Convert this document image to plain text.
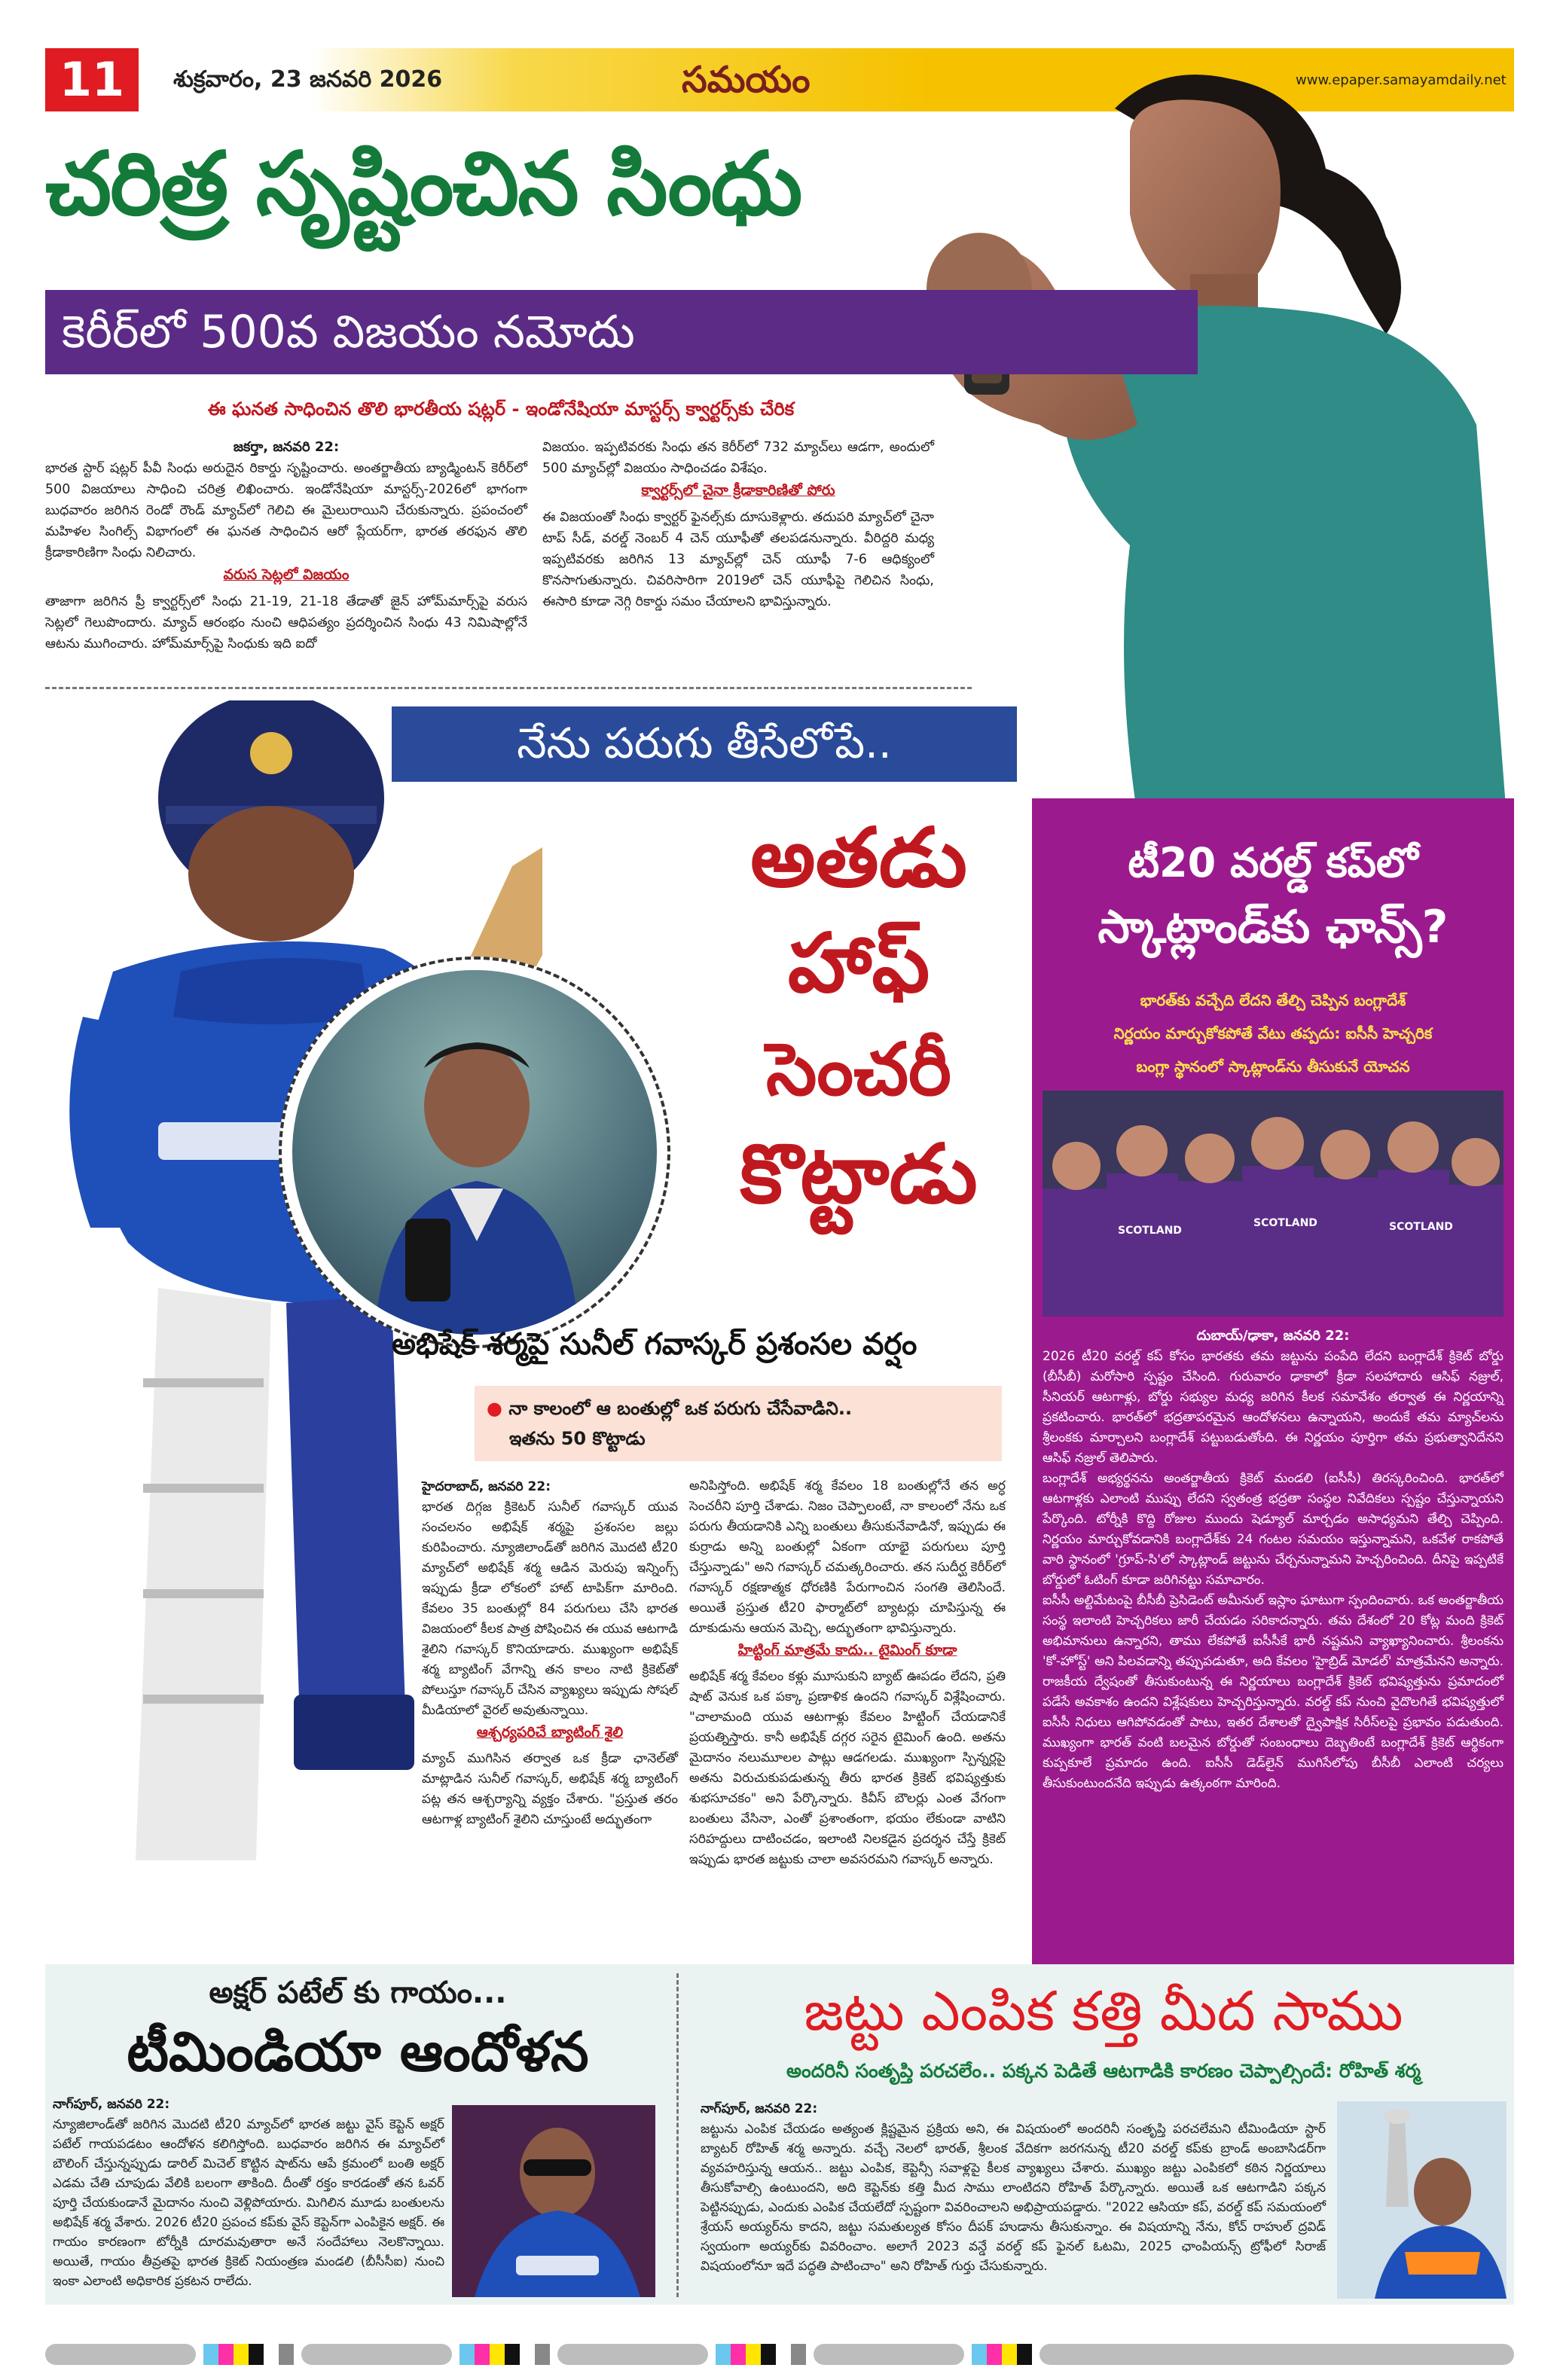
11	శుక్రవారం, 23 జనవరి 2026	సమయం	www.epaper.samayamdaily.net
చరిత్ర సృష్టించిన సింధు
కెరీర్‌లో 500వ విజయం నమోదు
ఈ ఘనత సాధించిన తొలి భారతీయ షట్లర్ - ఇండోనేషియా మాస్టర్స్ క్వార్టర్స్‌కు చేరిక
జకర్తా, జనవరి 22:
భారత స్టార్ షట్లర్ పీవీ సింధు అరుదైన రికార్డు సృష్టించారు. అంతర్జాతీయ బ్యాడ్మింటన్ కెరీర్‌లో 500 విజయాలు సాధించి చరిత్ర లిఖించారు. ఇండోనేషియా మాస్టర్స్-2026లో భాగంగా బుధవారం జరిగిన రెండో రౌండ్ మ్యాచ్‌లో గెలిచి ఈ మైలురాయిని చేరుకున్నారు. ప్రపంచంలో మహిళల సింగిల్స్ విభాగంలో ఈ ఘనత సాధించిన ఆరో ప్లేయర్‌గా, భారత తరఫున తొలి క్రీడాకారిణిగా సింధు నిలిచారు.
వరుస సెట్లలో విజయం
తాజాగా జరిగిన ప్రీ క్వార్టర్స్‌లో సింధు 21-19, 21-18 తేడాతో జైన్ హోమ్‌మార్స్‌పై వరుస సెట్లలో గెలుపొందారు. మ్యాచ్ ఆరంభం నుంచి ఆధిపత్యం ప్రదర్శించిన సింధు 43 నిమిషాల్లోనే ఆటను ముగించారు. హోమ్‌మార్స్‌పై సింధుకు ఇది ఐదో
విజయం. ఇప్పటివరకు సింధు తన కెరీర్‌లో 732 మ్యాచ్‌లు ఆడగా, అందులో 500 మ్యాచ్‌ల్లో విజయం సాధించడం విశేషం.
క్వార్టర్స్‌లో చైనా క్రీడాకారిణితో పోరు
ఈ విజయంతో సింధు క్వార్టర్ ఫైనల్స్‌కు దూసుకెళ్లారు. తదుపరి మ్యాచ్‌లో చైనా టాప్ సీడ్, వరల్డ్ నెంబర్ 4 చెన్ యూఫీతో తలపడనున్నారు. వీరిద్దరి మధ్య ఇప్పటివరకు జరిగిన 13 మ్యాచ్‌ల్లో చెన్ యూఫీ 7-6 ఆధిక్యంలో కొనసాగుతున్నారు. చివరిసారిగా 2019లో చెన్ యూఫీపై గెలిచిన సింధు, ఈసారి కూడా నెగ్గి రికార్డు సమం చేయాలని భావిస్తున్నారు.
నేను పరుగు తీసేలోపే..
అతడు
హాఫ్
సెంచరీ
కొట్టాడు
అభిషేక్ శర్మపై సునీల్ గవాస్కర్ ప్రశంసల వర్షం
● నా కాలంలో ఆ బంతుల్లో ఒక పరుగు చేసేవాడిని..
ఇతను 50 కొట్టాడు
హైదరాబాద్, జనవరి 22:
భారత దిగ్గజ క్రికెటర్ సునీల్ గవాస్కర్ యువ సంచలనం అభిషేక్ శర్మపై ప్రశంసల జల్లు కురిపించారు. న్యూజిలాండ్‌తో జరిగిన మొదటి టీ20 మ్యాచ్‌లో అభిషేక్ శర్మ ఆడిన మెరుపు ఇన్నింగ్స్ ఇప్పుడు క్రీడా లోకంలో హాట్ టాపిక్‌గా మారింది. కేవలం 35 బంతుల్లో 84 పరుగులు చేసి భారత విజయంలో కీలక పాత్ర పోషించిన ఈ యువ ఆటగాడి శైలిని గవాస్కర్ కొనియాడారు. ముఖ్యంగా అభిషేక్ శర్మ బ్యాటింగ్ వేగాన్ని తన కాలం నాటి క్రికెట్‌తో పోలుస్తూ గవాస్కర్ చేసిన వ్యాఖ్యలు ఇప్పుడు సోషల్ మీడియాలో వైరల్ అవుతున్నాయి.
ఆశ్చర్యపరిచే బ్యాటింగ్ శైలి
మ్యాచ్ ముగిసిన తర్వాత ఒక క్రీడా ఛానెల్‌తో మాట్లాడిన సునీల్ గవాస్కర్, అభిషేక్ శర్మ బ్యాటింగ్ పట్ల తన ఆశ్చర్యాన్ని వ్యక్తం చేశారు. "ప్రస్తుత తరం ఆటగాళ్ల బ్యాటింగ్ శైలిని చూస్తుంటే అద్భుతంగా
అనిపిస్తోంది. అభిషేక్ శర్మ కేవలం 18 బంతుల్లోనే తన అర్ధ సెంచరీని పూర్తి చేశాడు. నిజం చెప్పాలంటే, నా కాలంలో నేను ఒక పరుగు తీయడానికి ఎన్ని బంతులు తీసుకునేవాడినో, ఇప్పుడు ఈ కుర్రాడు అన్ని బంతుల్లో ఏకంగా యాభై పరుగులు పూర్తి చేస్తున్నాడు" అని గవాస్కర్ చమత్కరించారు. తన సుదీర్ఘ కెరీర్‌లో గవాస్కర్ రక్షణాత్మక ధోరణికి పేరుగాంచిన సంగతి తెలిసిందే. అయితే ప్రస్తుత టీ20 ఫార్మాట్‌లో బ్యాటర్లు చూపిస్తున్న ఈ దూకుడును ఆయన మెచ్చి, అద్భుతంగా భావిస్తున్నారు.
హిట్టింగ్ మాత్రమే కాదు.. టైమింగ్ కూడా
అభిషేక్ శర్మ కేవలం కళ్లు మూసుకుని బ్యాట్ ఊపడం లేదని, ప్రతి షాట్ వెనుక ఒక పక్కా ప్రణాళిక ఉందని గవాస్కర్ విశ్లేషించారు. "చాలామంది యువ ఆటగాళ్లు కేవలం హిట్టింగ్ చేయడానికే ప్రయత్నిస్తారు. కానీ అభిషేక్ దగ్గర సరైన టైమింగ్ ఉంది. అతను మైదానం నలుమూలల పాట్లు ఆడగలడు. ముఖ్యంగా స్పిన్నర్లపై అతను విరుచుకుపడుతున్న తీరు భారత క్రికెట్ భవిష్యత్తుకు శుభసూచకం" అని పేర్కొన్నారు. కివీస్ బౌలర్లు ఎంత వేగంగా బంతులు వేసినా, ఎంతో ప్రశాంతంగా, భయం లేకుండా వాటిని సరిహద్దులు దాటించడం, ఇలాంటి నిలకడైన ప్రదర్శన చేస్తే క్రికెట్ ఇప్పుడు భారత జట్టుకు చాలా అవసరమని గవాస్కర్ అన్నారు.
టీ20 వరల్డ్ కప్‌లో
స్కాట్లాండ్‌కు ఛాన్స్?
భారత్‌కు వచ్చేది లేదని తేల్చి చెప్పిన బంగ్లాదేశ్
నిర్ణయం మార్చుకోకపోతే వేటు తప్పదు: ఐసీసీ హెచ్చరిక
బంగ్లా స్థానంలో స్కాట్లాండ్‌ను తీసుకునే యోచన
SCOTLAND
SCOTLAND	SCOTLAND
దుబాయ్/ఢాకా, జనవరి 22:
2026 టీ20 వరల్డ్ కప్ కోసం భారతకు తమ జట్టును పంపేది లేదని బంగ్లాదేశ్ క్రికెట్ బోర్డు (బీసీబీ) మరోసారి స్పష్టం చేసింది. గురువారం ఢాకాలో క్రీడా సలహాదారు ఆసిఫ్ నజ్రుల్, సీనియర్ ఆటగాళ్లు, బోర్డు సభ్యుల మధ్య జరిగిన కీలక సమావేశం తర్వాత ఈ నిర్ణయాన్ని ప్రకటించారు. భారత్‌లో భద్రతాపరమైన ఆందోళనలు ఉన్నాయని, అందుకే తమ మ్యాచ్‌లను శ్రీలంకకు మార్చాలని బంగ్లాదేశ్ పట్టుబడుతోంది. ఈ నిర్ణయం పూర్తిగా తమ ప్రభుత్వానిదేనని ఆసిఫ్ నజ్రుల్ తెలిపారు.
బంగ్లాదేశ్ అభ్యర్థనను అంతర్జాతీయ క్రికెట్ మండలి (ఐసీసీ) తిరస్కరించింది. భారత్‌లో ఆటగాళ్లకు ఎలాంటి ముప్పు లేదని స్వతంత్ర భద్రతా సంస్థల నివేదికలు స్పష్టం చేస్తున్నాయని పేర్కొంది. టోర్నీకి కొద్ది రోజుల ముందు షెడ్యూల్ మార్చడం అసాధ్యమని తేల్చి చెప్పింది. నిర్ణయం మార్చుకోవడానికి బంగ్లాదేశ్‌కు 24 గంటల సమయం ఇస్తున్నామని, ఒకవేళ రాకపోతే వారి స్థానంలో 'గ్రూప్-సి'లో స్కాట్లాండ్ జట్టును చేర్చనున్నామని హెచ్చరించింది. దీనిపై ఇప్పటికే బోర్డులో ఓటింగ్ కూడా జరిగినట్టు సమాచారం.
ఐసీసీ అల్టిమేటంపై బీసీబీ ప్రెసిడెంట్ అమీనుల్ ఇస్లాం ఘాటుగా స్పందించారు. ఒక అంతర్జాతీయ సంస్థ ఇలాంటి హెచ్చరికలు జారీ చేయడం సరికాదన్నారు. తమ దేశంలో 20 కోట్ల మంది క్రికెట్ అభిమానులు ఉన్నారని, తాము లేకపోతే ఐసీసీకే భారీ నష్టమని వ్యాఖ్యానించారు. శ్రీలంకను 'కో-హోస్ట్' అని పిలవడాన్ని తప్పుపడుతూ, అది కేవలం 'హైబ్రిడ్ మోడల్' మాత్రమేనని అన్నారు. రాజకీయ ద్వేషంతో తీసుకుంటున్న ఈ నిర్ణయాలు బంగ్లాదేశ్ క్రికెట్ భవిష్యత్తును ప్రమాదంలో పడేసే అవకాశం ఉందని విశ్లేషకులు హెచ్చరిస్తున్నారు. వరల్డ్ కప్ నుంచి వైదొలగితే భవిష్యత్తులో ఐసీసీ నిధులు ఆగిపోవడంతో పాటు, ఇతర దేశాలతో ద్వైపాక్షిక సిరీస్‌లపై ప్రభావం పడుతుంది. ముఖ్యంగా భారత్ వంటి బలమైన బోర్డుతో సంబంధాలు దెబ్బతింటే బంగ్లాదేశ్ క్రికెట్ ఆర్థికంగా కుప్పకూలే ప్రమాదం ఉంది. ఐసీసీ డెడ్‌లైన్ ముగిసేలోపు బీసీబీ ఎలాంటి చర్యలు తీసుకుంటుందనేది ఇప్పుడు ఉత్కంఠగా మారింది.
అక్షర్ పటేల్ కు గాయం...
టీమిండియా ఆందోళన
నాగ్‌పూర్, జనవరి 22:
న్యూజిలాండ్‌తో జరిగిన మొదటి టీ20 మ్యాచ్‌లో భారత జట్టు వైస్ కెప్టెన్ అక్షర్ పటేల్ గాయపడటం ఆందోళన కలిగిస్తోంది. బుధవారం జరిగిన ఈ మ్యాచ్‌లో బౌలింగ్ చేస్తున్నప్పుడు డారిల్ మిచెల్ కొట్టిన షాట్‌ను ఆపే క్రమంలో బంతి అక్షర్ ఎడమ చేతి చూపుడు వేలికి బలంగా తాకింది. దీంతో రక్తం కారడంతో తన ఓవర్ పూర్తి చేయకుండానే మైదానం నుంచి వెళ్లిపోయారు. మిగిలిన మూడు బంతులను అభిషేక్ శర్మ వేశారు. 2026 టీ20 ప్రపంచ కప్‌కు వైస్ కెప్టెన్‌గా ఎంపికైన అక్షర్. ఈ గాయం కారణంగా టోర్నీకి దూరమవుతారా అనే సందేహాలు నెలకొన్నాయి. అయితే, గాయం తీవ్రతపై భారత క్రికెట్ నియంత్రణ మండలి (బీసీసీఐ) నుంచి ఇంకా ఎలాంటి అధికారిక ప్రకటన రాలేదు.
జట్టు ఎంపిక కత్తి మీద సాము
అందరినీ సంతృప్తి పరచలేం.. పక్కన పెడితే ఆటగాడికి కారణం చెప్పాల్సిందే: రోహిత్ శర్మ
నాగ్‌పూర్, జనవరి 22:
జట్టును ఎంపిక చేయడం అత్యంత క్లిష్టమైన ప్రక్రియ అని, ఈ విషయంలో అందరినీ సంతృప్తి పరచలేమని టీమిండియా స్టార్ బ్యాటర్ రోహిత్ శర్మ అన్నారు. వచ్చే నెలలో భారత్, శ్రీలంక వేదికగా జరగనున్న టీ20 వరల్డ్ కప్‌కు బ్రాండ్ అంబాసిడర్‌గా వ్యవహరిస్తున్న ఆయన.. జట్టు ఎంపిక, కెప్టెన్సీ సవాళ్లపై కీలక వ్యాఖ్యలు చేశారు. ముఖ్యం జట్టు ఎంపికలో కఠిన నిర్ణయాలు తీసుకోవాల్సి ఉంటుందని, అది కెప్టెన్‌కు కత్తి మీద సాము లాంటిదని రోహిత్ పేర్కొన్నారు. అయితే ఒక ఆటగాడిని పక్కన పెట్టినప్పుడు, ఎందుకు ఎంపిక చేయలేదో స్పష్టంగా వివరించాలని అభిప్రాయపడ్డారు. "2022 ఆసియా కప్, వరల్డ్ కప్ సమయంలో శ్రేయస్ అయ్యర్‌ను కాదని, జట్టు సమతుల్యత కోసం దీపక్ హుడాను తీసుకున్నాం. ఈ విషయాన్ని నేను, కోచ్ రాహుల్ ద్రవిడ్ స్వయంగా అయ్యర్‌కు వివరించాం. అలాగే 2023 వన్డే వరల్డ్ కప్ ఫైనల్ ఓటమి, 2025 ఛాంపియన్స్ ట్రోఫీలో సిరాజ్ విషయంలోనూ ఇదే పద్ధతి పాటించాం" అని రోహిత్ గుర్తు చేసుకున్నారు.
